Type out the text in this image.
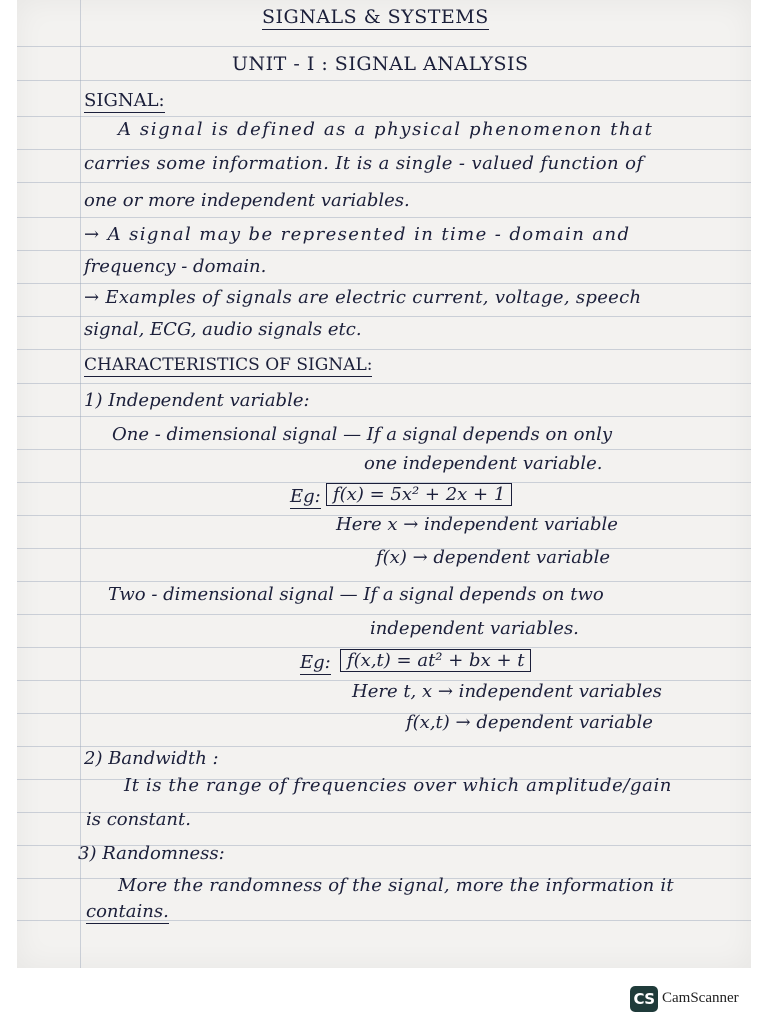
SIGNALS & SYSTEMS
UNIT - I : SIGNAL ANALYSIS
SIGNAL:
A signal is defined as a physical phenomenon that
carries some information. It is a single - valued function of
one or more independent variables.
→ A signal may be represented in time - domain and
frequency - domain.
→ Examples of signals are electric current, voltage, speech
signal, ECG, audio signals etc.
CHARACTERISTICS OF SIGNAL:
1) Independent variable:
One - dimensional signal — If a signal depends on only
one independent variable.
Eg: f(x) = 5x² + 2x + 1
Here x → independent variable
f(x) → dependent variable
Two - dimensional signal — If a signal depends on two
independent variables.
Eg: f(x,t) = at² + bx + t
Here t, x → independent variables
f(x,t) → dependent variable
2) Bandwidth :
It is the range of frequencies over which amplitude/gain
is constant.
3) Randomness:
More the randomness of the signal, more the information it
contains.
CS CamScanner
